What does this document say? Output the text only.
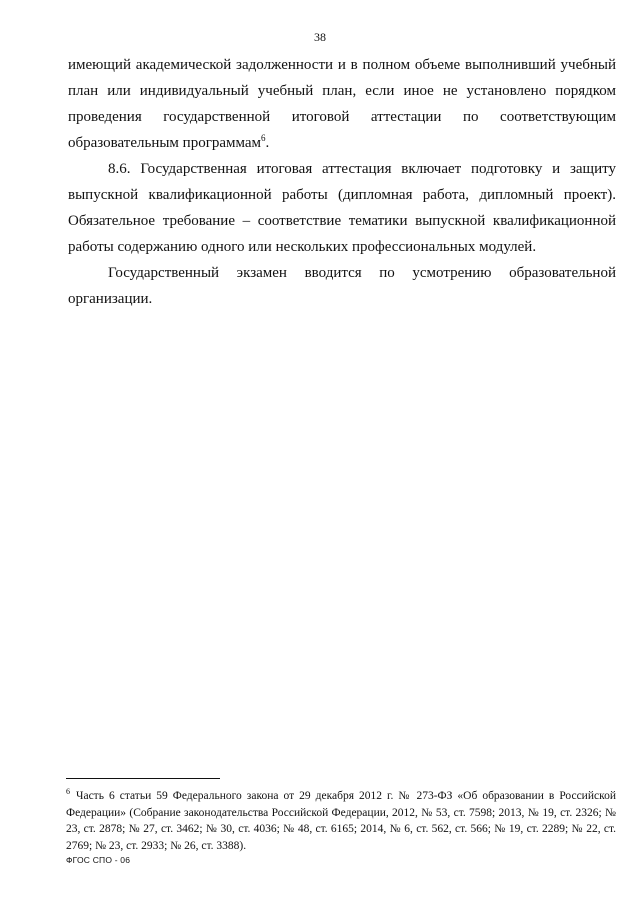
38

имеющий академической задолженности и в полном объеме выполнивший учебный план или индивидуальный учебный план, если иное не установлено порядком проведения государственной итоговой аттестации по соответствующим образовательным программам$^6$.

8.6. Государственная итоговая аттестация включает подготовку и защиту выпускной квалификационной работы (дипломная работа, дипломный проект). Обязательное требование – соответствие тематики выпускной квалификационной работы содержанию одного или нескольких профессиональных модулей.

Государственный экзамен вводится по усмотрению образовательной организации.

$^6$ Часть 6 статьи 59 Федерального закона от 29 декабря 2012 г. № 273-ФЗ «Об образовании в Российской Федерации» (Собрание законодательства Российской Федерации, 2012, № 53, ст. 7598; 2013, № 19, ст. 2326; № 23, ст. 2878; № 27, ст. 3462; № 30, ст. 4036; № 48, ст. 6165; 2014, № 6, ст. 562, ст. 566; № 19, ст. 2289; № 22, ст. 2769; № 23, ст. 2933; № 26, ст. 3388).

ФГОС СПО - 06
